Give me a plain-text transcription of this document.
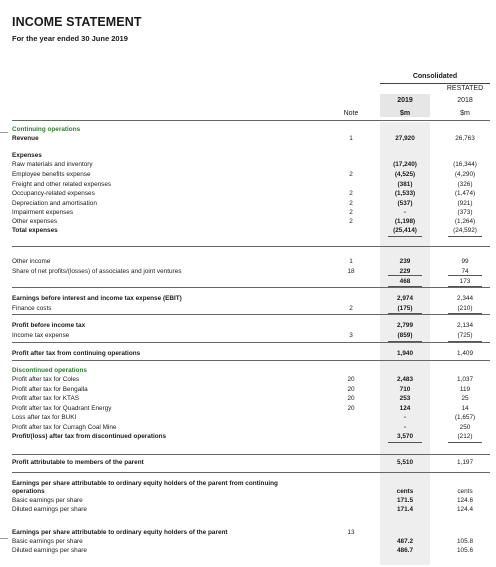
INCOME STATEMENT
For the year ended 30 June 2019
Consolidated
RESTATED
2019	2018
$m	$m
Note
Continuing operations
Revenue	1	27,920	26,763
Expenses
Raw materials and inventory	(17,240)	(16,344)
Employee benefits expense	2	(4,525)	(4,290)
Freight and other related expenses	(381)	(326)
Occupancy-related expenses	2	(1,533)	(1,474)
Depreciation and amortisation	2	(537)	(921)
Impairment expenses	2	-	(373)
Other expenses	2	(1,198)	(1,264)
Total expenses	(25,414)	(24,592)
Other income	1	239	99
Share of net profits/(losses) of associates and joint ventures	18	229	74
468	173
Earnings before interest and income tax expense (EBIT)	2,974	2,344
Finance costs	2	(175)	(210)
Profit before income tax	2,799	2,134
Income tax expense	3	(859)	(725)
Profit after tax from continuing operations	1,940	1,409
Discontinued operations
Profit after tax for Coles	20	2,483	1,037
Profit after tax for Bengalla	20	710	119
Profit after tax for KTAS	20	253	25
Profit after tax for Quadrant Energy	20	124	14
Loss after tax for BUKI	-	(1,657)
Profit after tax for Curragh Coal Mine	-	250
Profit/(loss) after tax from discontinued operations	3,570	(212)
Profit attributable to members of the parent	5,510	1,197
Earnings per share attributable to ordinary equity holders of the parent from continuing
operations	cents	cents
Basic earnings per share	171.5	124.6
Diluted earnings per share	171.4	124.4
Earnings per share attributable to ordinary equity holders of the parent	13
Basic earnings per share	487.2	105.8
Diluted earnings per share	486.7	105.6
